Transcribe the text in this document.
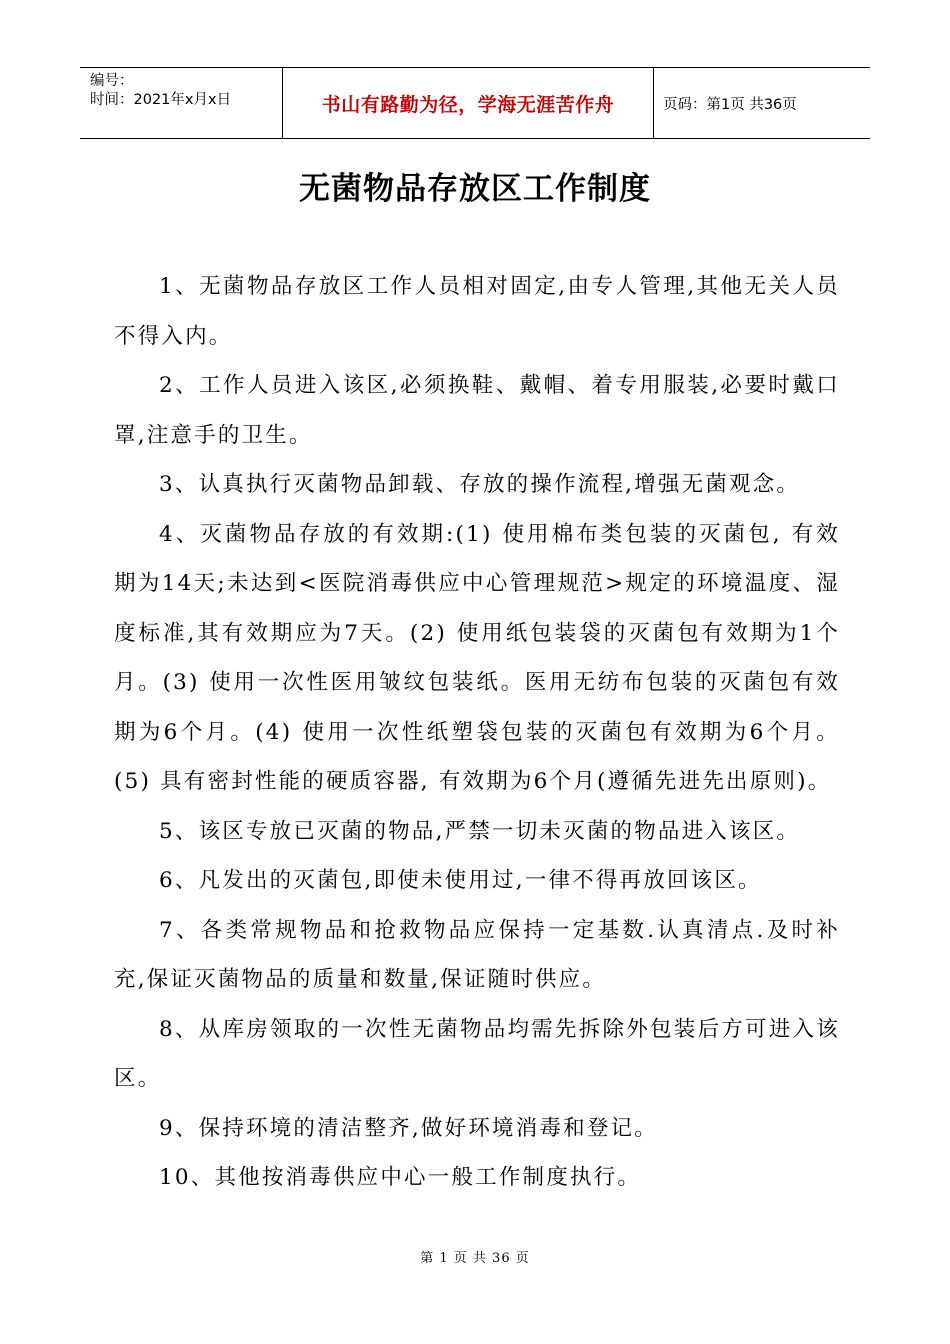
编号：
时间：2021年x月x日	书山有路勤为径，学海无涯苦作舟	页码：第1页 共36页
无菌物品存放区工作制度

1、无菌物品存放区工作人员相对固定,由专人管理,其他无关人员不得入内。

2、工作人员进入该区,必须换鞋、戴帽、着专用服装,必要时戴口罩,注意手的卫生。

3、认真执行灭菌物品卸载、存放的操作流程,增强无菌观念。

4、灭菌物品存放的有效期:(1) 使用棉布类包装的灭菌包, 有效期为14天;未达到<医院消毒供应中心管理规范>规定的环境温度、湿度标准,其有效期应为7天。(2) 使用纸包装袋的灭菌包有效期为1个月。(3) 使用一次性医用皱纹包装纸。医用无纺布包装的灭菌包有效期为6个月。(4) 使用一次性纸塑袋包装的灭菌包有效期为6个月。(5) 具有密封性能的硬质容器, 有效期为6个月(遵循先进先出原则)。

5、该区专放已灭菌的物品,严禁一切未灭菌的物品进入该区。

6、凡发出的灭菌包,即使未使用过,一律不得再放回该区。

7、各类常规物品和抢救物品应保持一定基数.认真清点.及时补充,保证灭菌物品的质量和数量,保证随时供应。

8、从库房领取的一次性无菌物品均需先拆除外包装后方可进入该区。

9、保持环境的清洁整齐,做好环境消毒和登记。

10、其他按消毒供应中心一般工作制度执行。

第 1 页 共 36 页
